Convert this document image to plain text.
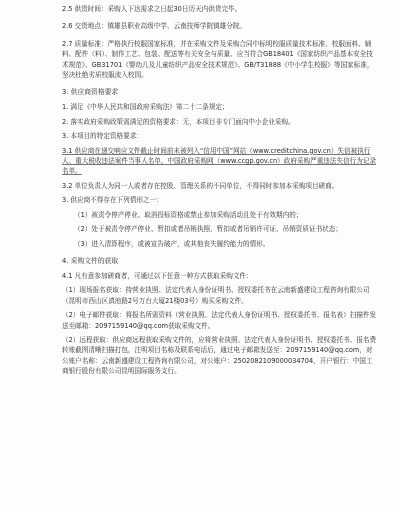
2.5 供货时间：采购人下达需求之日起30日历天内供货完毕。

2.6 交货地点：镇雄县职业高级中学、云南技师学院镇雄分院。

2.7 质量标准：严格执行校服国家标准，并在采购文件及采购合同中标明校服质量技术标准、校服面料、辅料、配件（料）、制作工艺、包装、配送等有关安全与质量、应当符合GB18401《国家纺织产品基本安全技术规范》、GB31701《婴幼儿及儿童纺织产品安全技术规范》、GB/T31888《中小学生校服》等国家标准，坚决杜绝劣质校服流入校园。

3. 供应商资格要求

1. 满足《中华人民共和国政府采购法》第二十二条规定；

2. 落实政府采购政策需满足的资格要求：无，本项目非专门面向中小企业采购。

3. 本项目的特定资格要求：

3.1 供应商在递交响应文件截止时间前未被列入“信用中国”网站（www.creditchina.gov.cn）失信被执行人、重大税收违法案件当事人名单，中国政府采购网（www.ccgp.gov.cn）政府采购严重违法失信行为记录名单。

3.2 单位负责人为同一人或者存在控股、管理关系的不同单位，不得同时参加本采购项目磋商。

3. 供应商不得存在下列情形之一：

（1）被责令停产停业、取消投标资格或禁止参加采购活动且处于有效期内的；

（2）处于被责令停产停业、暂扣或者吊销执照、暂扣或者吊销许可证、吊销资质证书状态；

（3）进入清算程序，或被宣告破产，或其他丧失履约能力的情形。

4. 采购文件的获取

4.1 凡有意参加磋商者，可通过以下任意一种方式获取采购文件：

（1）现场报名获取：持营业执照、法定代表人身份证明书、授权委托书在云南新盛建设工程咨询有限公司（昆明市西山区滇池路2号万台大厦21楼03号）购买采购文件。

（2）电子邮件获取：将报名所需资料（营业执照、法定代表人身份证明书、授权委托书、报名表）扫描件发送至邮箱：2097159140@qq.com获取采购文件。

（2）远程获取：供应商远程获取采购文件的，应将营业执照、法定代表人身份证明书、授权委托书、报名费转账截图清晰扫描打包，注明项目名称及联系电话后，通过电子邮箱发送至：2097159140@qq.com，对公账户名称：云南新盛建设工程咨询有限公司，对公账户：2502082109000034704，开户银行：中国工商银行股份有限公司昆明国际服务支行。
